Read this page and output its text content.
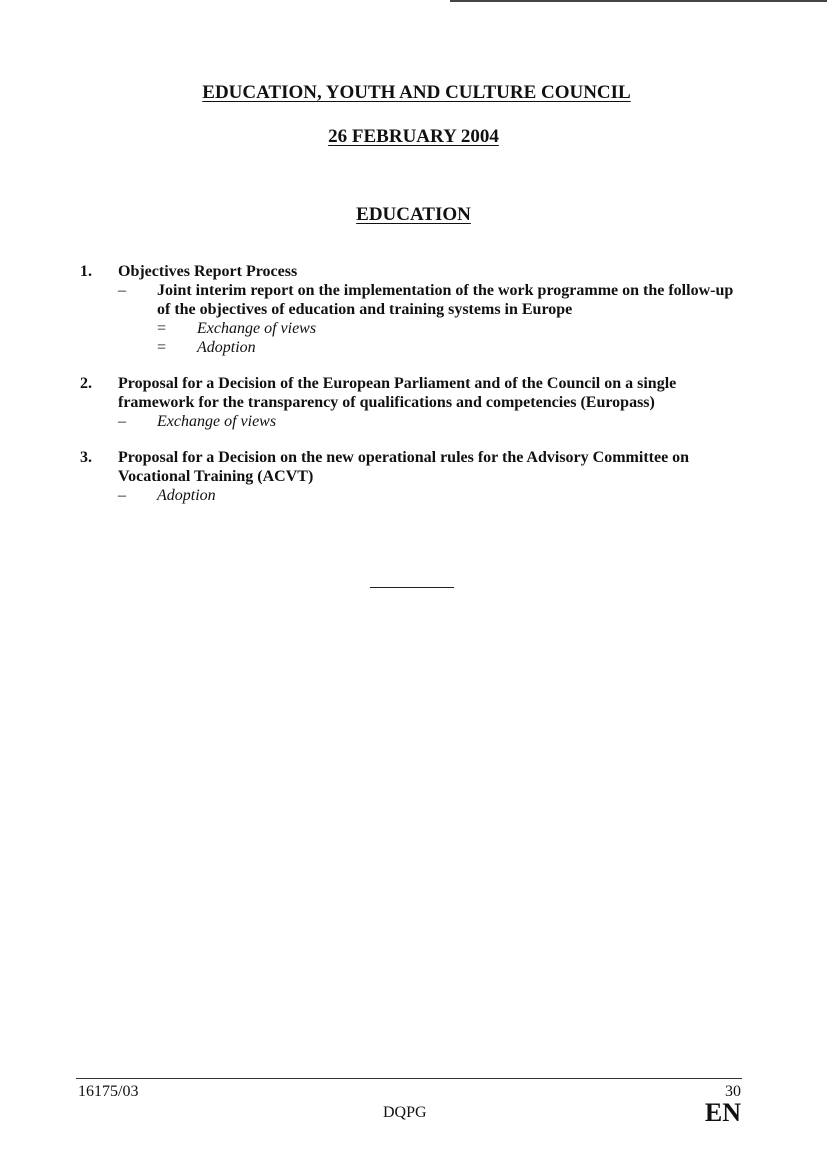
EDUCATION, YOUTH AND CULTURE COUNCIL
26 FEBRUARY 2004
EDUCATION
1. Objectives Report Process
– Joint interim report on the implementation of the work programme on the follow-up of the objectives of education and training systems in Europe
= Exchange of views
= Adoption
2. Proposal for a Decision of the European Parliament and of the Council on a single framework for the transparency of qualifications and competencies (Europass)
– Exchange of views
3. Proposal for a Decision on the new operational rules for the Advisory Committee on Vocational Training (ACVT)
– Adoption
16175/03	30
DQPG	EN
